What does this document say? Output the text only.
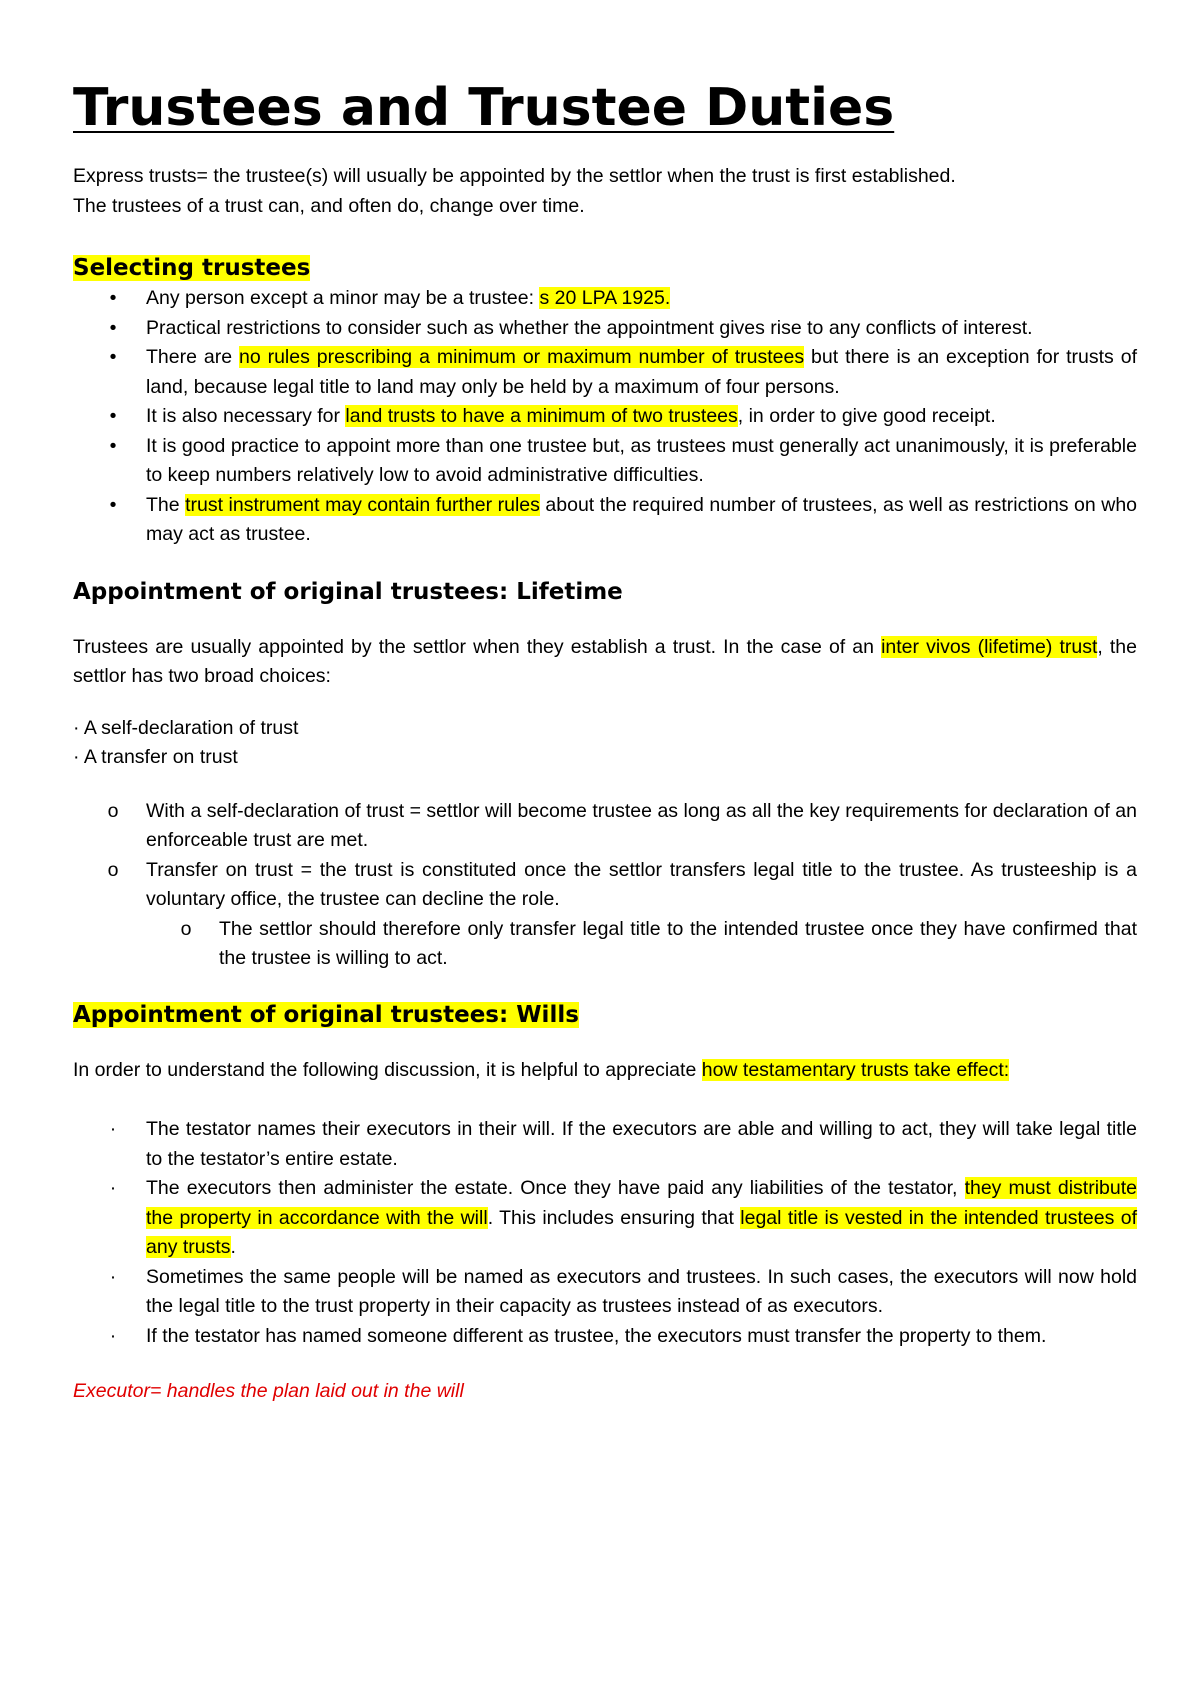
Trustees and Trustee Duties

Express trusts= the trustee(s) will usually be appointed by the settlor when the trust is first established.

The trustees of a trust can, and often do, change over time.

Selecting trustees
•	Any person except a minor may be a trustee: s 20 LPA 1925.
•	Practical restrictions to consider such as whether the appointment gives rise to any conflicts of interest.
•	There are no rules prescribing a minimum or maximum number of trustees but there is an exception for trusts of land, because legal title to land may only be held by a maximum of four persons.
•	It is also necessary for land trusts to have a minimum of two trustees, in order to give good receipt.
•	It is good practice to appoint more than one trustee but, as trustees must generally act unanimously, it is preferable to keep numbers relatively low to avoid administrative difficulties.
•	The trust instrument may contain further rules about the required number of trustees, as well as restrictions on who may act as trustee.
Appointment of original trustees: Lifetime

Trustees are usually appointed by the settlor when they establish a trust. In the case of an inter vivos (lifetime) trust, the settlor has two broad choices:

· A self-declaration of trust

· A transfer on trust

o With a self-declaration of trust = settlor will become trustee as long as all the key requirements for declaration of an enforceable trust are met.
o Transfer on trust = the trust is constituted once the settlor transfers legal title to the trustee. As trusteeship is a voluntary office, the trustee can decline the role.
o The settlor should therefore only transfer legal title to the intended trustee once they have confirmed that the trustee is willing to act.
Appointment of original trustees: Wills

In order to understand the following discussion, it is helpful to appreciate how testamentary trusts take effect:

·	The testator names their executors in their will. If the executors are able and willing to act, they will take legal title to the testator’s entire estate.
·	The executors then administer the estate. Once they have paid any liabilities of the testator, they must distribute the property in accordance with the will. This includes ensuring that legal title is vested in the intended trustees of any trusts.
·	Sometimes the same people will be named as executors and trustees. In such cases, the executors will now hold the legal title to the trust property in their capacity as trustees instead of as executors.
·	If the testator has named someone different as trustee, the executors must transfer the property to them.

Executor= handles the plan laid out in the will
